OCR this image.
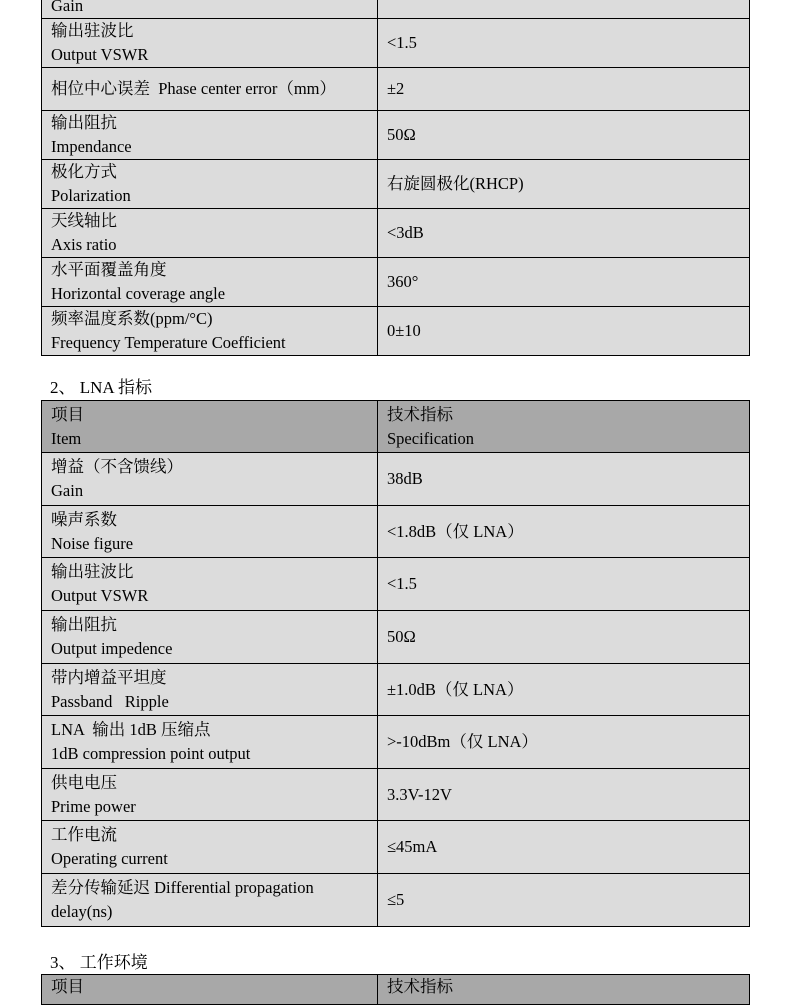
Gain

输出驻波比
Output VSWR	<1.5
相位中心误差  Phase center error（mm）	±2

输出阻抗
Impendance	50Ω

极化方式
Polarization	右旋圆极化(RHCP)

天线轴比
Axis ratio	<3dB

水平面覆盖角度
Horizontal coverage angle	360°

频率温度系数(ppm/°C)
Frequency Temperature Coefficient	0±10
2、 LNA 指标
项目
Item	技术指标
Specification

增益（不含馈线）
Gain	38dB

噪声系数
Noise figure	<1.8dB（仅 LNA）

输出驻波比
Output VSWR	<1.5

输出阻抗
Output impedence	50Ω

带内增益平坦度
Passband   Ripple	±1.0dB（仅 LNA）

LNA  输出 1dB 压缩点
1dB compression point output	>-10dBm（仅 LNA）

供电电压
Prime power	3.3V-12V

工作电流
Operating current	≤45mA

差分传输延迟 Differential propagation
delay(ns)	≤5
3、 工作环境
项目	技术指标
